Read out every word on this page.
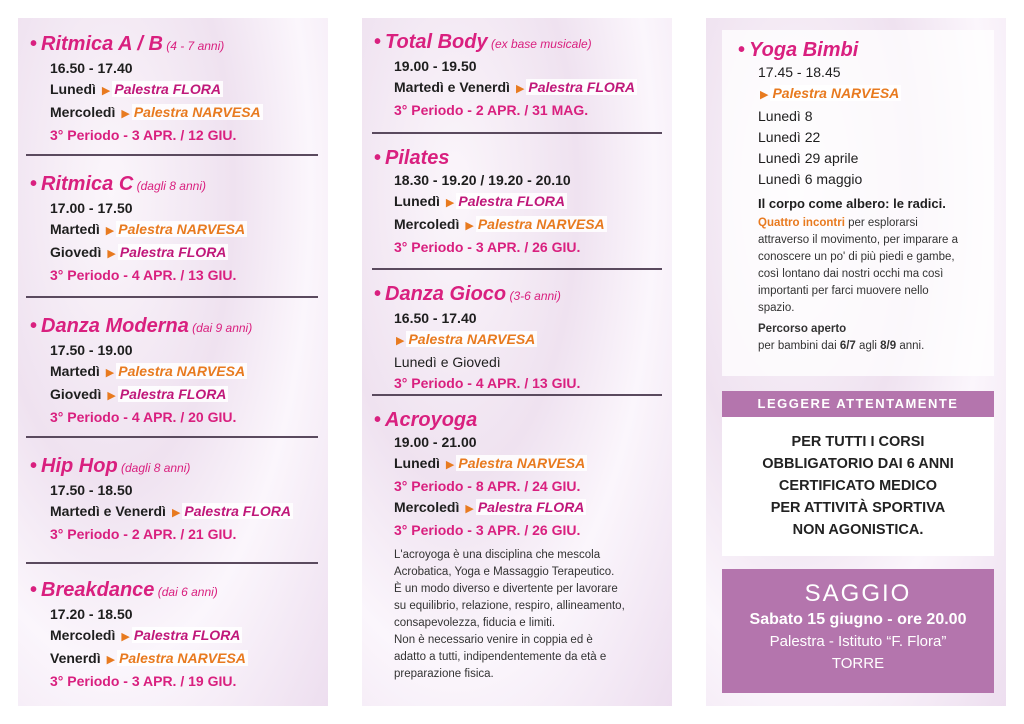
• Ritmica A / B (4 - 7 anni)
16.50 - 17.40
Lunedì ▶ Palestra FLORA
Mercoledì ▶ Palestra NARVESA
3° Periodo - 3 APR. / 12 GIU.
• Ritmica C (dagli 8 anni)
17.00 - 17.50
Martedì ▶ Palestra NARVESA
Giovedì ▶ Palestra FLORA
3° Periodo - 4 APR. / 13 GIU.
• Danza Moderna (dai 9 anni)
17.50 - 19.00
Martedì ▶ Palestra NARVESA
Giovedì ▶ Palestra FLORA
3° Periodo - 4 APR. / 20 GIU.
• Hip Hop (dagli 8 anni)
17.50 - 18.50
Martedì e Venerdì ▶ Palestra FLORA
3° Periodo - 2 APR. / 21 GIU.
• Breakdance (dai 6 anni)
17.20 - 18.50
Mercoledì ▶ Palestra FLORA
Venerdì ▶ Palestra NARVESA
3° Periodo - 3 APR. / 19 GIU.
• Total Body (ex base musicale)
19.00 - 19.50
Martedì e Venerdì ▶ Palestra FLORA
3° Periodo - 2 APR. / 31 MAG.
• Pilates
18.30 - 19.20 / 19.20 - 20.10
Lunedì ▶ Palestra FLORA
Mercoledì ▶ Palestra NARVESA
3° Periodo - 3 APR. / 26 GIU.
• Danza Gioco (3-6 anni)
16.50 - 17.40
▶ Palestra NARVESA
Lunedì e Giovedì
3° Periodo - 4 APR. / 13 GIU.
• Acroyoga
19.00 - 21.00
Lunedì ▶ Palestra NARVESA
3° Periodo - 8 APR. / 24 GIU.
Mercoledì ▶ Palestra FLORA
3° Periodo - 3 APR. / 26 GIU.
L'acroyoga è una disciplina che mescola
Acrobatica, Yoga e Massaggio Terapeutico.
È un modo diverso e divertente per lavorare
su equilibrio, relazione, respiro, allineamento,
consapevolezza, fiducia e limiti.
Non è necessario venire in coppia ed è
adatto a tutti, indipendentemente da età e
preparazione fisica.
• Yoga Bimbi
17.45 - 18.45
▶ Palestra NARVESA
Lunedì 8
Lunedì 22
Lunedì 29 aprile
Lunedì 6 maggio
Il corpo come albero: le radici.
Quattro incontri per esplorarsi
attraverso il movimento, per imparare a
conoscere un po' di più piedi e gambe,
così lontano dai nostri occhi ma così
importanti per farci muovere nello
spazio.
Percorso aperto
per bambini dai 6/7 agli 8/9 anni.
LEGGERE ATTENTAMENTE
PER TUTTI I CORSI
OBBLIGATORIO DAI 6 ANNI
CERTIFICATO MEDICO
PER ATTIVITÀ SPORTIVA
NON AGONISTICA.
SAGGIO
Sabato 15 giugno - ore 20.00
Palestra - Istituto “F. Flora”
TORRE
